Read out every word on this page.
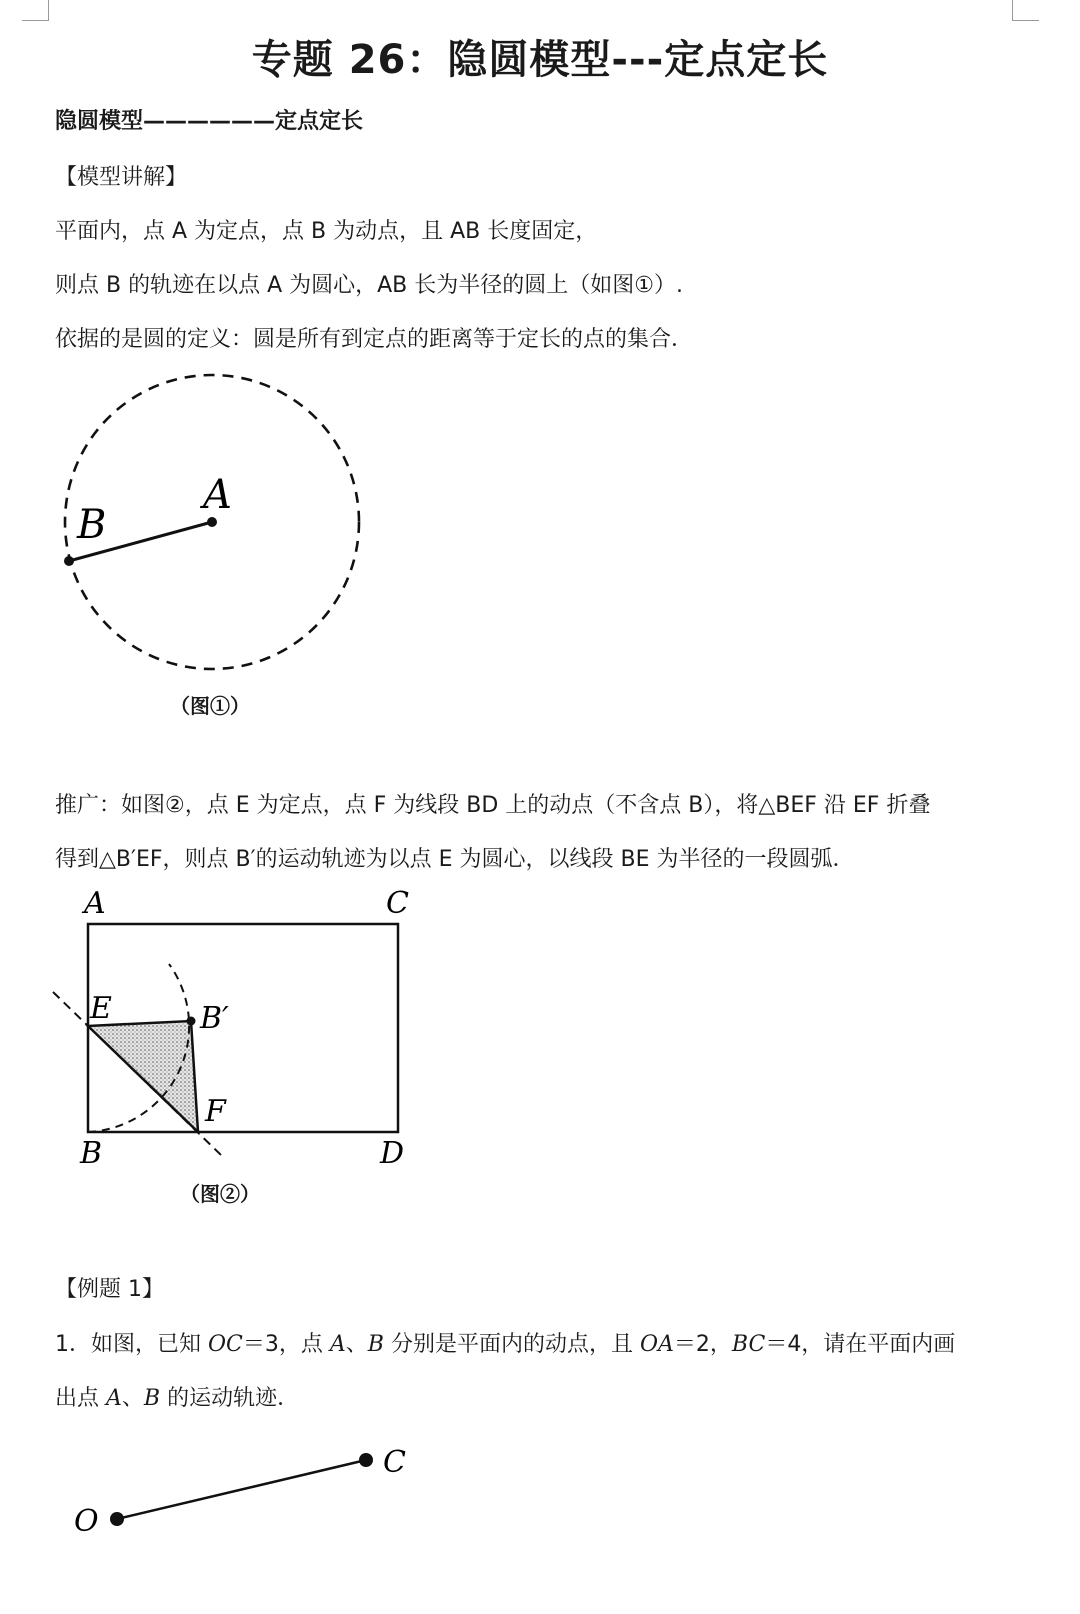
专题 26：隐圆模型---定点定长
隐圆模型——————定点定长
【模型讲解】
平面内，点 A 为定点，点 B 为动点，且 AB 长度固定，
则点 B 的轨迹在以点 A 为圆心，AB 长为半径的圆上（如图①）.
依据的是圆的定义：圆是所有到定点的距离等于定长的点的集合．
A
B
（图①）
推广：如图②，点 E 为定点，点 F 为线段 BD 上的动点（不含点 B），将△BEF 沿 EF 折叠
得到△B′EF，则点 B′的运动轨迹为以点 E 为圆心，以线段 BE 为半径的一段圆弧．
A	C
E	B′
F
B	D
（图②）
【例题 1】
1．如图，已知 OC＝3，点 A、B 分别是平面内的动点，且 OA＝2，BC＝4，请在平面内画
出点 A、B 的运动轨迹．
O
C
